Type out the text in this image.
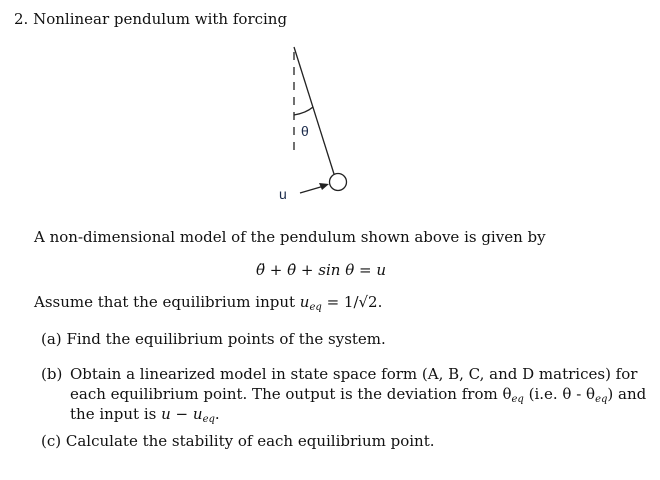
2. Nonlinear pendulum with forcing
θ
u
A non-dimensional model of the pendulum shown above is given by
θ̈ + θ̇ + sin θ = u
Assume that the equilibrium input $u_{eq} = 1/√2$.
(a) Find the equilibrium points of the system.
(b) Obtain a linearized model in state space form (A, B, C, and D matrices) for
each equilibrium point. The output is the deviation from $\theta_{eq}$ (i.e. θ - $\theta_{eq}$) and
the input is $u - u_{eq}$.
(c) Calculate the stability of each equilibrium point.
